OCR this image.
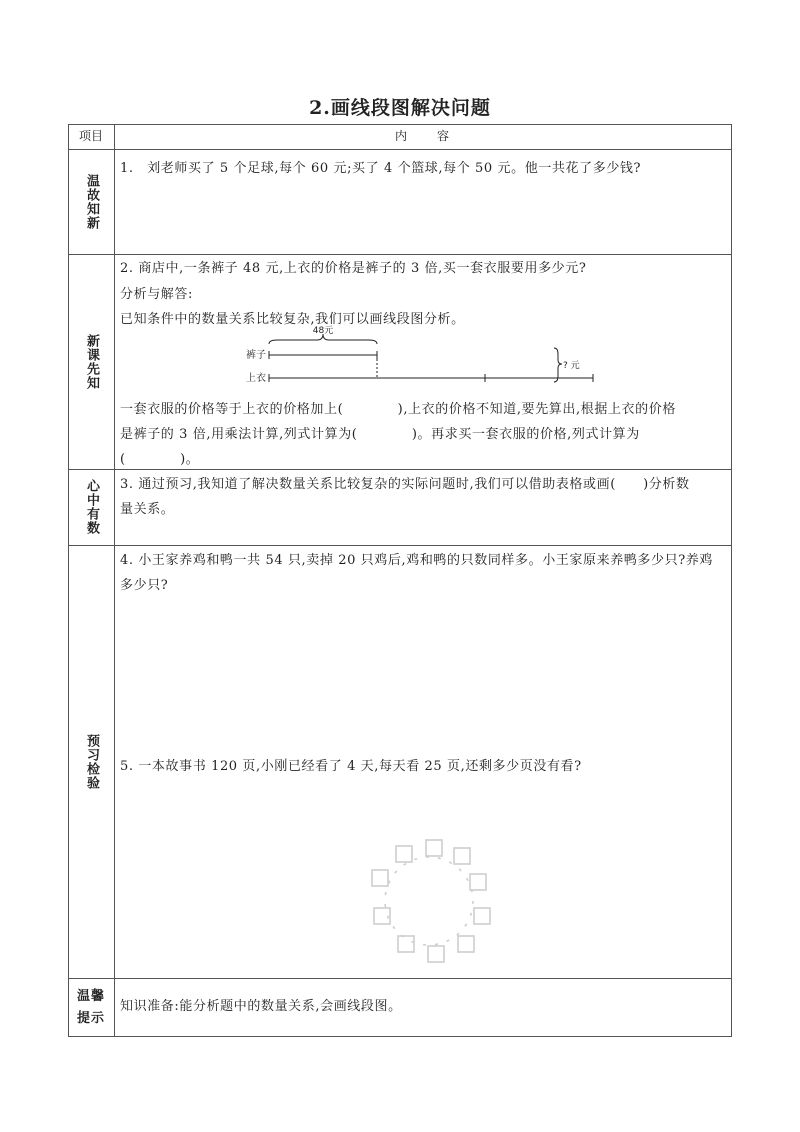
2.画线段图解决问题
项目	内　　容
温故知新
1.　刘老师买了 5 个足球,每个 60 元;买了 4 个篮球,每个 50 元。他一共花了多少钱?
新课先知
2. 商店中,一条裤子 48 元,上衣的价格是裤子的 3 倍,买一套衣服要用多少元?
分析与解答:
已知条件中的数量关系比较复杂,我们可以画线段图分析。
裤子
上衣
48元
? 元
一套衣服的价格等于上衣的价格加上(　　　　),上衣的价格不知道,要先算出,根据上衣的价格
是裤子的 3 倍,用乘法计算,列式计算为(　　　　)。再求买一套衣服的价格,列式计算为
(　　　　)。
心中有数	3. 通过预习,我知道了解决数量关系比较复杂的实际问题时,我们可以借助表格或画(　　)分析数
量关系。
预习检验
4. 小王家养鸡和鸭一共 54 只,卖掉 20 只鸡后,鸡和鸭的只数同样多。小王家原来养鸭多少只?养鸡
多少只?
5. 一本故事书 120 页,小刚已经看了 4 天,每天看 25 页,还剩多少页没有看?
温馨提示
知识准备:能分析题中的数量关系,会画线段图。
